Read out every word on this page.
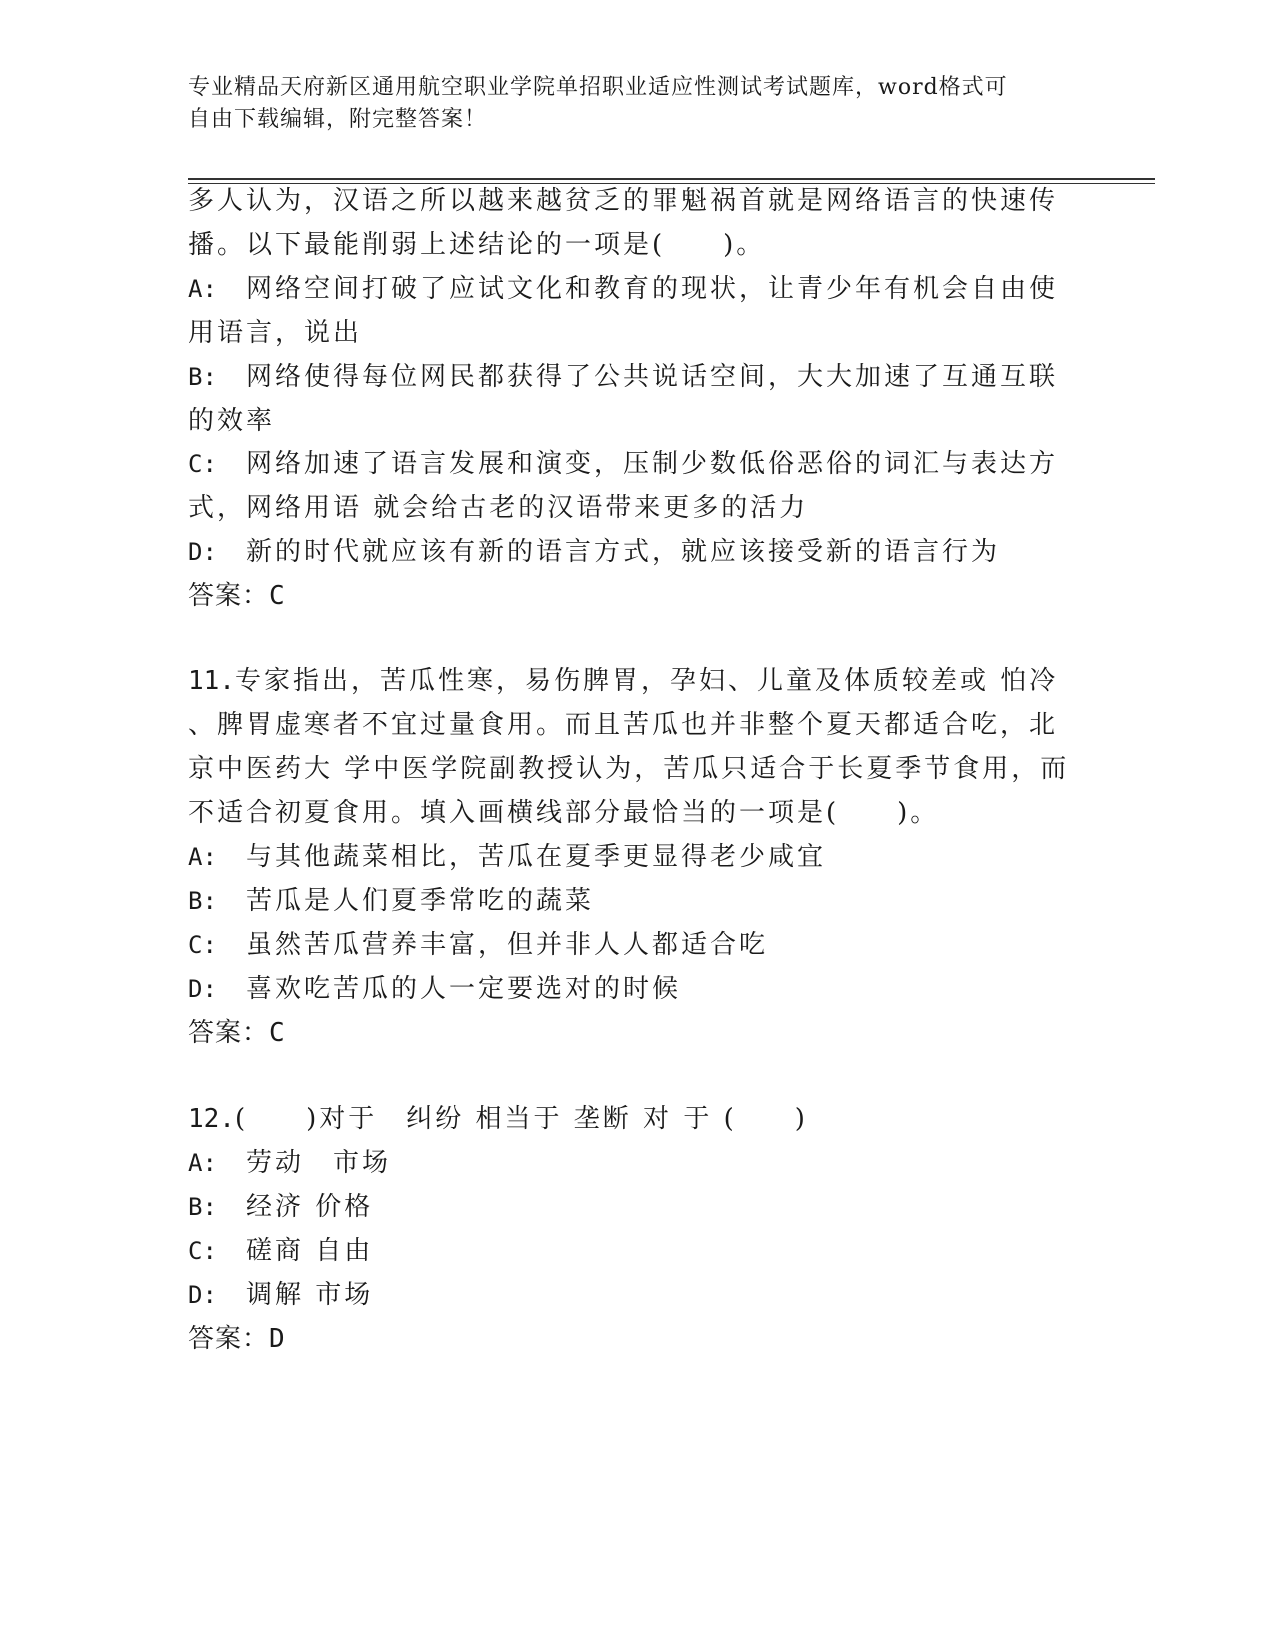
专业精品天府新区通用航空职业学院单招职业适应性测试考试题库，word格式可
自由下载编辑，附完整答案！
多人认为，汉语之所以越来越贫乏的罪魁祸首就是网络语言的快速传
播。以下最能削弱上述结论的一项是(　　)。
A: 网络空间打破了应试文化和教育的现状，让青少年有机会自由使
用语言，说出
B: 网络使得每位网民都获得了公共说话空间，大大加速了互通互联
的效率
C: 网络加速了语言发展和演变，压制少数低俗恶俗的词汇与表达方
式，网络用语 就会给古老的汉语带来更多的活力
D: 新的时代就应该有新的语言方式，就应该接受新的语言行为
答案：C
11.专家指出，苦瓜性寒，易伤脾胃，孕妇、儿童及体质较差或 怕冷
、脾胃虚寒者不宜过量食用。而且苦瓜也并非整个夏天都适合吃，北
京中医药大 学中医学院副教授认为，苦瓜只适合于长夏季节食用，而
不适合初夏食用。填入画横线部分最恰当的一项是(　　)。
A: 与其他蔬菜相比，苦瓜在夏季更显得老少咸宜
B: 苦瓜是人们夏季常吃的蔬菜
C: 虽然苦瓜营养丰富，但并非人人都适合吃
D: 喜欢吃苦瓜的人一定要选对的时候
答案：C
12.(　　)对于　纠纷 相当于 垄断 对 于 (　　)
A: 劳动　市场
B: 经济 价格
C: 磋商 自由
D: 调解 市场
答案：D
